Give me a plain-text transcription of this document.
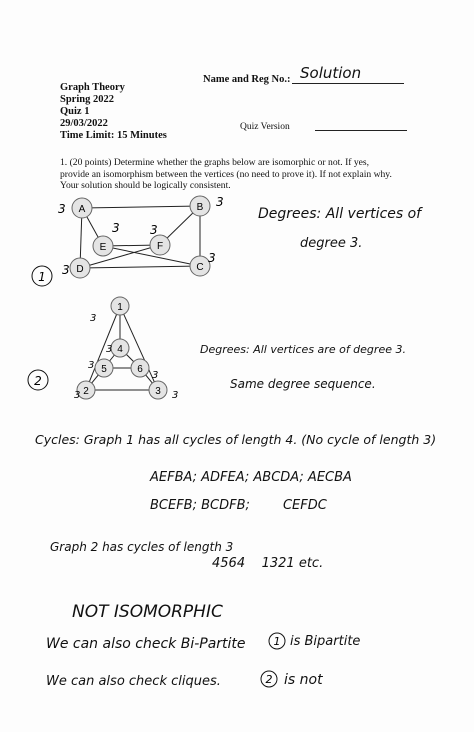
Graph Theory
Spring 2022
Quiz 1
29/03/2022
Time Limit: 15 Minutes
Name and Reg No.: Solution
Quiz Version
1. (20 points) Determine whether the graphs below are isomorphic or not. If yes, provide an isomorphism between the vertices (no need to prove it). If not explain why. Your solution should be logically consistent.
A	B
E	F
D	C
3	3
3	3
3
3
1
1
4
5	6
2	3
3
3
3
3
3	3
2
1
2
Degrees: All vertices of
degree 3.
Degrees: All vertices are of degree 3.
Same degree sequence.
Cycles: Graph 1 has all cycles of length 4. (No cycle of length 3)
AEFBA; ADFEA; ABCDA; AECBA
BCEFB; BCDFB;        CEFDC
Graph 2 has cycles of length 3
4564    1321 etc.
NOT ISOMORPHIC
We can also check Bi-Partite	is Bipartite
We can also check cliques.	is not
